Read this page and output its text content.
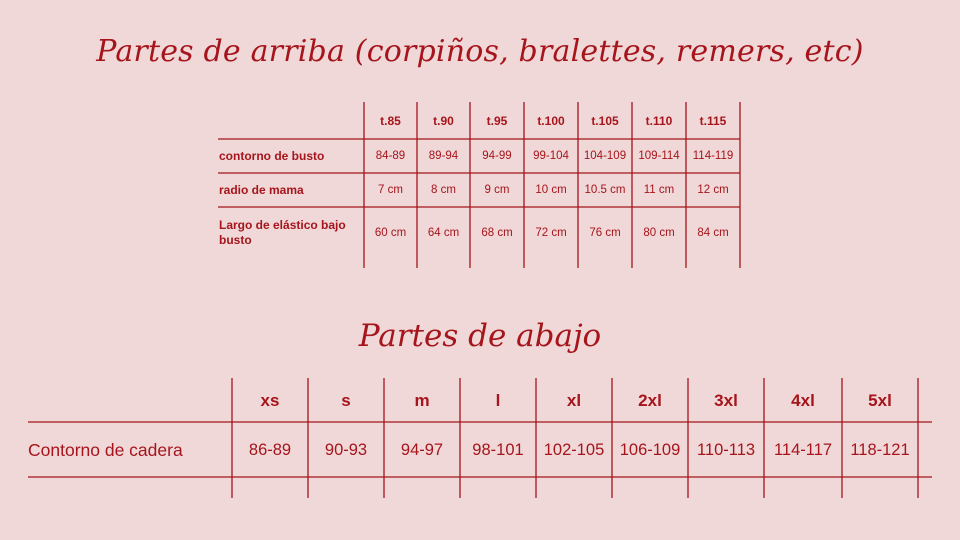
Partes de arriba (corpiños, bralettes, remers, etc)
Partes de abajo
t.85	t.90	t.95	t.100	t.105	t.110	t.115
contorno de busto	84-89	89-94	94-99	99-104	104-109	109-114	114-119
radio de mama	7 cm	8 cm	9 cm	10 cm	10.5 cm	11 cm	12 cm
Largo de elástico bajo busto	60 cm	64 cm	68 cm	72 cm	76 cm	80 cm	84 cm
xs	s	m	l	xl	2xl	3xl	4xl	5xl
Contorno de cadera	86-89	90-93	94-97	98-101	102-105 106-109	110-113	114-117	118-121
